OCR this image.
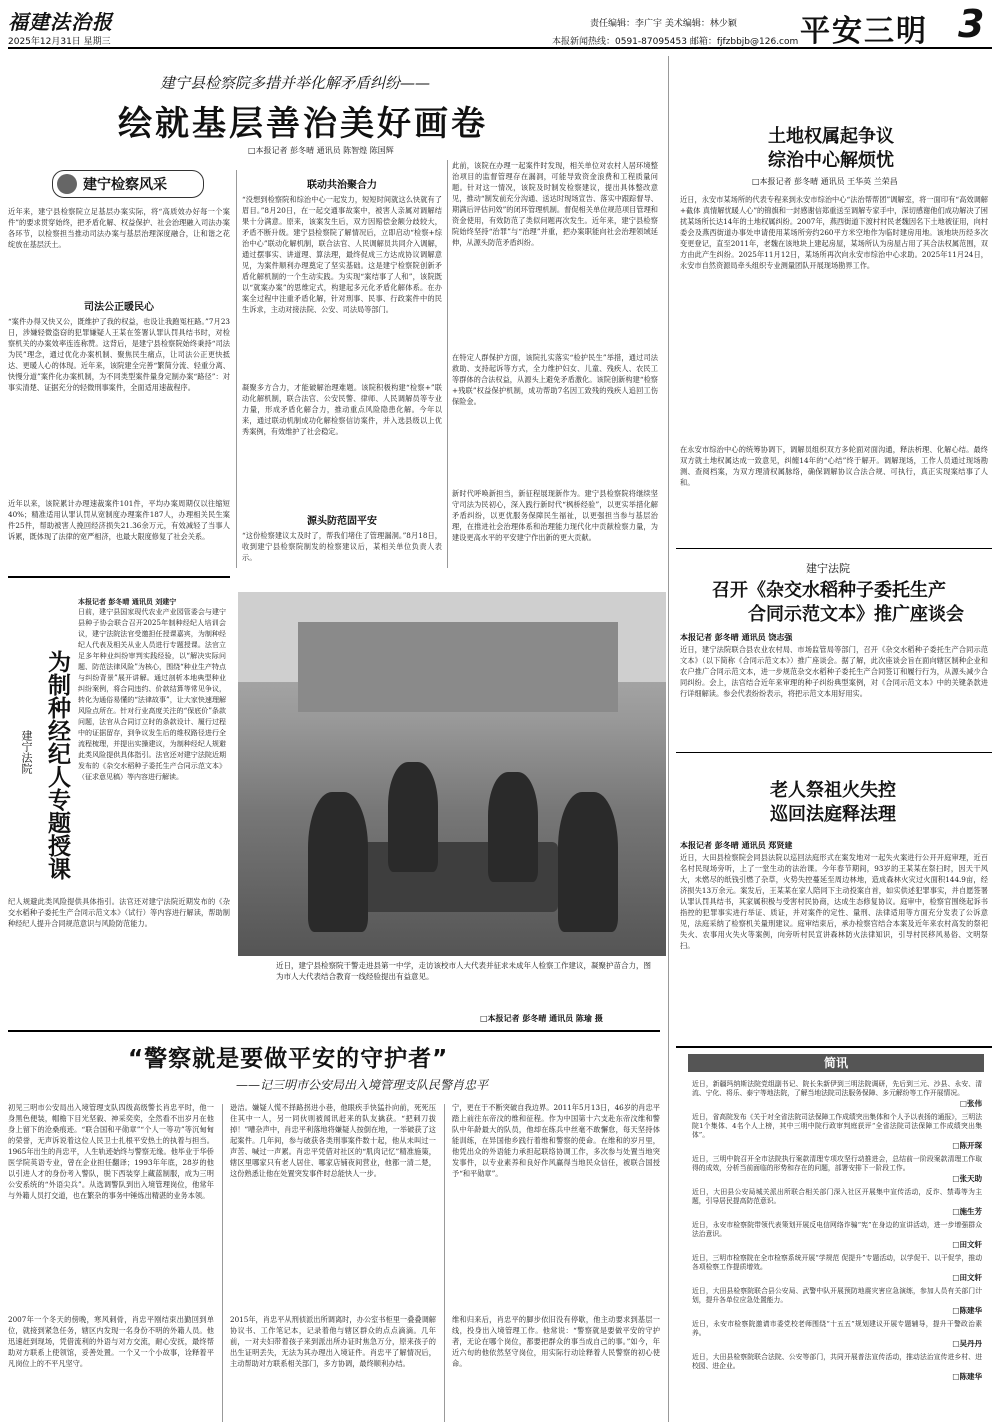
福建法治报
2025年12月31日 星期三
责任编辑：李广宇 美术编辑：林少颖
本报新闻热线：0591-87095453 邮箱：fjfzbbjb@126.com 平安三明 3
建宁县检察院多措并举化解矛盾纠纷——
绘就基层善治美好画卷
□本报记者 彭冬晴 通讯员 陈智煌 陈国辉
建宁检察风采
近年来，建宁县检察院立足基层办案实际，将“高质效办好每一个案件”的要求贯穿始终，把矛盾化解、权益保护、社会治理融入司法办案各环节，以检察担当推动司法办案与基层治理深度融合，让和谐之花绽放在基层沃土。
司法公正暖民心
“案件办得又快又公，既维护了我的权益，也设让我跑冤枉路。”7月23日，涉嫌轻微盗窃的犯罪嫌疑人王某在签署认罪认罚具结书时，对检察机关的办案效率连连称赞。这背后，是建宁县检察院始终秉持“司法为民”理念，通过优化办案机制、聚焦民生痛点，让司法公正更快抵达、更暖人心的体现。近年来，该院建全完善“繁简分流、轻重分离、快慢分道”案件化办案机制，为不同类型案件量身定制办案“路径”：对事实清楚、证据充分的轻微刑事案件，全面适用速裁程序。
近年以来，该院累计办理速裁案件101件，平均办案周期仅以往缩短40%；精准适用认罪认罚从宽制度办理案件187人，办理相关民生案件25件，帮助被害人挽回经济损失21.36余万元，有效减轻了当事人诉累，既体现了法律的宽严相济，也最大限度修复了社会关系。
联动共治聚合力
“没想到检察院和综治中心一起发力，短短时间就这么快就有了眉目。”8月20日，在一起交通事故案中，被害人亲属对调解结果十分满意。原来，该案发生后，双方因赔偿金额分歧较大，矛盾不断升级。建宁县检察院了解情况后，立即启动“检察+综治中心”联动化解机制，联合法官、人民调解员共同介入调解，通过摆事实、讲道理、算法理，最终促成三方达成协议调解意见，为案件顺利办理奠定了坚实基础。这是建宁检察院创新矛盾化解机制的一个生动实践。为实现“案结事了人和”，该院既以“就案办案”的思维定式，构建起多元化矛盾化解体系。在办案全过程中注重矛盾化解，针对刑事、民事、行政案件中的民生诉求，主动对接法院、公安、司法局等部门。
凝聚多方合力，才能破解治理难题。该院积极构建“检察+”联动化解机制，联合法官、公安民警、律师、人民调解员等专业力量，形成矛盾化解合力，推动重点风险隐患化解。今年以来，通过联动机制成功化解检察信访案件，并入选县级以上优秀案例，有效维护了社会稳定。
源头防范固平安
“这份检察建议太及时了，帮我们堵住了管理漏洞。”8月18日，收到建宁县检察院制发的检察建议后，某相关单位负责人表示。
此前，该院在办理一起案件时发现，相关单位对农村人居环境整治项目的监督管理存在漏洞，可能导致资金浪费和工程质量问题。针对这一情况，该院及时制发检察建议，提出具体整改意见，推动“制发前充分沟通、送达时现场宣告、落实中跟踪督导、期满后评估问效”的闭环管理机制。督促相关单位规范项目管理和资金使用，有效防范了类似问题再次发生。近年来，建宁县检察院始终坚持“治罪”与“治理”并重，把办案职能向社会治理领域延伸，从源头防范矛盾纠纷。
在特定人群保护方面，该院扎实落实“检护民生”举措，通过司法救助、支持起诉等方式，全力维护妇女、儿童、残疾人、农民工等群体的合法权益，从源头上避免矛盾激化。该院创新构建“检察+残联”权益保护机制，成功帮助7名因工致残的残疾人追回工伤保险金。
新时代呼唤新担当，新征程展现新作为。建宁县检察院将继续坚守司法为民初心，深入践行新时代“枫桥经验”，以更实举措化解矛盾纠纷，以更优服务保障民生福祉，以更强担当参与基层治理，在推进社会治理体系和治理能力现代化中贡献检察力量，为建设更高水平的平安建宁作出新的更大贡献。
土地权属起争议
综治中心解烦忧
□本报记者 彭冬晴 通讯员 王华英 兰荣昌
近日，永安市某场所的代表专程来到永安市综治中心“法治帮帮团”调解室，将一面印有“高效调解+截体 真情解忧暖人心”的锦旗和一封感谢信郑重送至调解专家手中，深切感谢他们成功解决了困扰某场所长达14年的土地权属纠纷。2007年，燕西街道下渡村村民老魏因名下土地被征用，向村委会及燕西街道办事处申请使用某场所旁约260平方米空地作为临时建房用地。该地块历经多次变更登记，直至2011年，老魏在该地块上建起房屋，某场所认为房屋占用了其合法权属范围，双方由此产生纠纷。2025年11月12日，某场所再次向永安市综治中心求助。2025年11月24日，永安市自然资源局牵头组织专业测量团队开展现场勘界工作。
在永安市综治中心的统筹协调下，调解员组织双方多轮面对面沟通，释法析理、化解心结。最终双方就土地权属达成一致意见，纠缠14年的“心结”终于解开。调解现场，工作人员通过现场勘测、查阅档案，为双方理清权属脉络，确保调解协议合法合规、可执行，真正实现案结事了人和。
建宁法院
召开《杂交水稻种子委托生产
合同示范文本》推广座谈会
本报记者 彭冬晴 通讯员 饶志强
近日，建宁法院联合县农业农村局、市场监管局等部门，召开《杂交水稻种子委托生产合同示范文本》（以下简称《合同示范文本》）推广座谈会。据了解，此次座谈会旨在面向辖区制种企业和农户推广合同示范文本，进一步规范杂交水稻种子委托生产合同签订和履行行为，从源头减少合同纠纷。会上，法官结合近年来审理的种子纠纷典型案例，对《合同示范文本》中的关键条款进行详细解读。参会代表纷纷表示，将把示范文本用好用实。
老人祭祖火失控
巡回法庭释法理
本报记者 彭冬晴 通讯员 郑贤建
近日，大田县检察院会同县法院以巡回法庭形式在案发地对一起失火案进行公开开庭审理，近百名村民现场旁听，上了一堂生动的法治课。今年春节期间，93岁的王某某在祭扫时，因天干风大，未燃尽的纸钱引燃了杂草，火势失控蔓延至周边林地，造成森林火灾过火面积144.9亩，经济损失13万余元。案发后，王某某在家人陪同下主动投案自首，如实供述犯罪事实，并自愿签署认罪认罚具结书，其家属积极与受害村民协商，达成生态修复协议。庭审中，检察官围绕起诉书指控的犯罪事实进行举证、质证，并对案件的定性、量刑、法律适用等方面充分发表了公诉意见，法庭采纳了检察机关量刑建议。庭审结束后，承办检察官结合本案及近年来农村高发的祭祀失火、农事用火失火等案例，向旁听村民宣讲森林防火法律知识，引导村民移风易俗、文明祭扫。
建宁法院 为制种经纪人专题授课
本报记者 彭冬晴 通讯员 刘建宁
日前，建宁县国家现代农业产业园管委会与建宁县种子协会联合召开2025年制种经纪人培训会议，建宁法院法官受邀担任授课嘉宾，为制种经纪人代表及相关从业人员进行专题授课。法官立足多年种业纠纷审判实践经验，以“解决实际问题、防范法律风险”为核心，围绕“种业生产特点与纠纷背景”展开讲解。通过剖析本地典型种业纠纷案例，将合同违约、价款结算等常见争议，转化为通俗易懂的“法律故事”，让大家快速理解风险点所在。针对行业高度关注的“保底价”条款问题，法官从合同订立时的条款设计、履行过程中的证据留存，到争议发生后的维权路径进行全流程梳理，并提出实操建议，为制种经纪人规避此类风险提供具体指引。法官还对建宁法院近期发布的《杂交水稻种子委托生产合同示范文本》（征求意见稿）等内容进行解读。
纪人规避此类风险提供具体指引。法官还对建宁法院近期发布的《杂交水稻种子委托生产合同示范文本》（试行）等内容进行解读，帮助制种经纪人提升合同规范意识与风险防范能力。
近日，建宁县检察院干警走进县第一中学，走访该校市人大代表并征求未成年人检察工作建议，凝聚护苗合力，图为市人大代表结合教育一线经验提出有益意见。
□本报记者 彭冬晴 通讯员 陈瑜 摄
“警察就是要做平安的守护者”
——记三明市公安局出入境管理支队民警肖忠平
初见三明市公安局出入境管理支队四级高级警长肖忠平时，他一身黑色便装，帽檐下目光坚毅、神采奕奕，全然看不出岁月在他身上留下的沧桑痕迹。“联合国和平勋章”“个人一等功”等沉甸甸的荣誉，无声诉说着这位人民卫士扎根平安热土的执着与担当。1965年出生的肖忠平，人生轨迹始终与警察无缘。他毕业于华侨医学院英语专业，曾在企业担任翻译；1993年年底，28岁的他以引进人才的身份考入警队，脱下西装穿上藏蓝制服，成为三明公安系统的“外语尖兵”。从选调警队到出入境管理岗位，他常年与外籍人员打交道，也在繁杂的事务中锤炼出精湛的业务本领。
2007年一个冬天的傍晚，寒风刺骨，肖忠平刚结束出勤回到单位，就接到紧急任务，辖区内发现一名身份不明的外籍人员。他迅速赶到现场，凭借流利的外语与对方交流，耐心安抚，最终帮助对方联系上使领馆，妥善处置。一个又一个小故事，诠释着平凡岗位上的不平凡坚守。
逊洁。嫌疑人慌不择路拐进小巷，他眼疾手快猛扑向前，死死压住其中一人，另一同伙则被闻讯赶来的队友擒获。“把刺刀拔掉！”嘈杂声中，肖忠平利落地将嫌疑人按倒在地，一举破获了这起案件。几年间，参与破获各类刑事案件数十起，他从未叫过一声苦、喊过一声累。肖忠平凭借对社区的“肌肉记忆”精准施策，辖区里哪家只有老人居住、哪家店铺夜间营业，他都一清二楚，这份熟悉让他在处置突发事件时总能快人一步。
2015年，肖忠平从刑侦派出所调离时，办公室书柜里一叠叠调解协议书、工作笔记本，记录着他与辖区群众的点点滴滴。几年前，一对夫妇带着孩子来到派出所办证时焦急万分，原来孩子的出生证明丢失，无法为其办理出入境证件。肖忠平了解情况后，主动帮助对方联系相关部门，多方协调，最终顺利办结。
宁，更在于不断突破自我边界。2011年5月13日，46岁的肖忠平踏上前往东帝汶的维和征程。作为中国第十六支赴东帝汶维和警队中年龄最大的队员，他却在练兵中丝毫不敢懈怠，每天坚持体能训练，在异国他乡践行着维和警察的使命。在维和的岁月里，他凭出众的外语能力承担起联络协调工作，多次参与处置当地突发事件，以专业素养和良好作风赢得当地民众信任，被联合国授予“和平勋章”。
维和归来后，肖忠平的脚步依旧没有停歇，他主动要求到基层一线，投身出入境管理工作。他常说：“警察就是要做平安的守护者，无论在哪个岗位，都要把群众的事当成自己的事。”如今，年近六旬的他依然坚守岗位，用实际行动诠释着人民警察的初心使命。
简讯
近日，新疆玛纳斯法院党组副书记、院长朱新伊到三明法院调研，先后到三元、沙县、永安、清流、宁化、将乐、泰宁等地法院，了解当地法院司法服务保障、多元解纷等工作开展情况。
□张伟
近日，省高院发布《关于对全省法院司法保障工作成绩突出集体和个人予以表扬的通报》，三明法院1个集体、4名个人上榜，其中三明中院行政审判庭获评“全省法院司法保障工作成绩突出集体”。
□陈开琛
近日，三明中院召开全市法院执行案款清理专项攻坚行动推进会，总结前一阶段案款清理工作取得的成效，分析当前面临的形势和存在的问题，部署安排下一阶段工作。
□张天助
近日，大田县公安局城关派出所联合相关部门深入社区开展集中宣传活动，反诈、禁毒等为主题，引导居民提高防范意识。
□施生芳
近日，永安市检察院带领代表策划开展反电信网络诈骗“宪”在身边的宣讲活动，进一步增强群众法治意识。
□田文轩
近日，三明市检察院在全市检察系统开展“学规范 促提升”专题活动，以学促干、以干促学，推动各项检察工作提质增效。
□田文轩
近日，大田县检察院联合县公安局、武警中队开展预防地震灾害应急演练，参加人员有关部门计划，提升各单位应急处置能力。
□陈建华
近日，永安市检察院邀请市委党校老师围绕“十五五”规划建议开展专题辅导，提升干警政治素养。
□吴丹丹
近日，大田县检察院联合法院、公安等部门，共同开展普法宣传活动，推动法治宣传进乡村、进校园、进企业。
□陈建华
